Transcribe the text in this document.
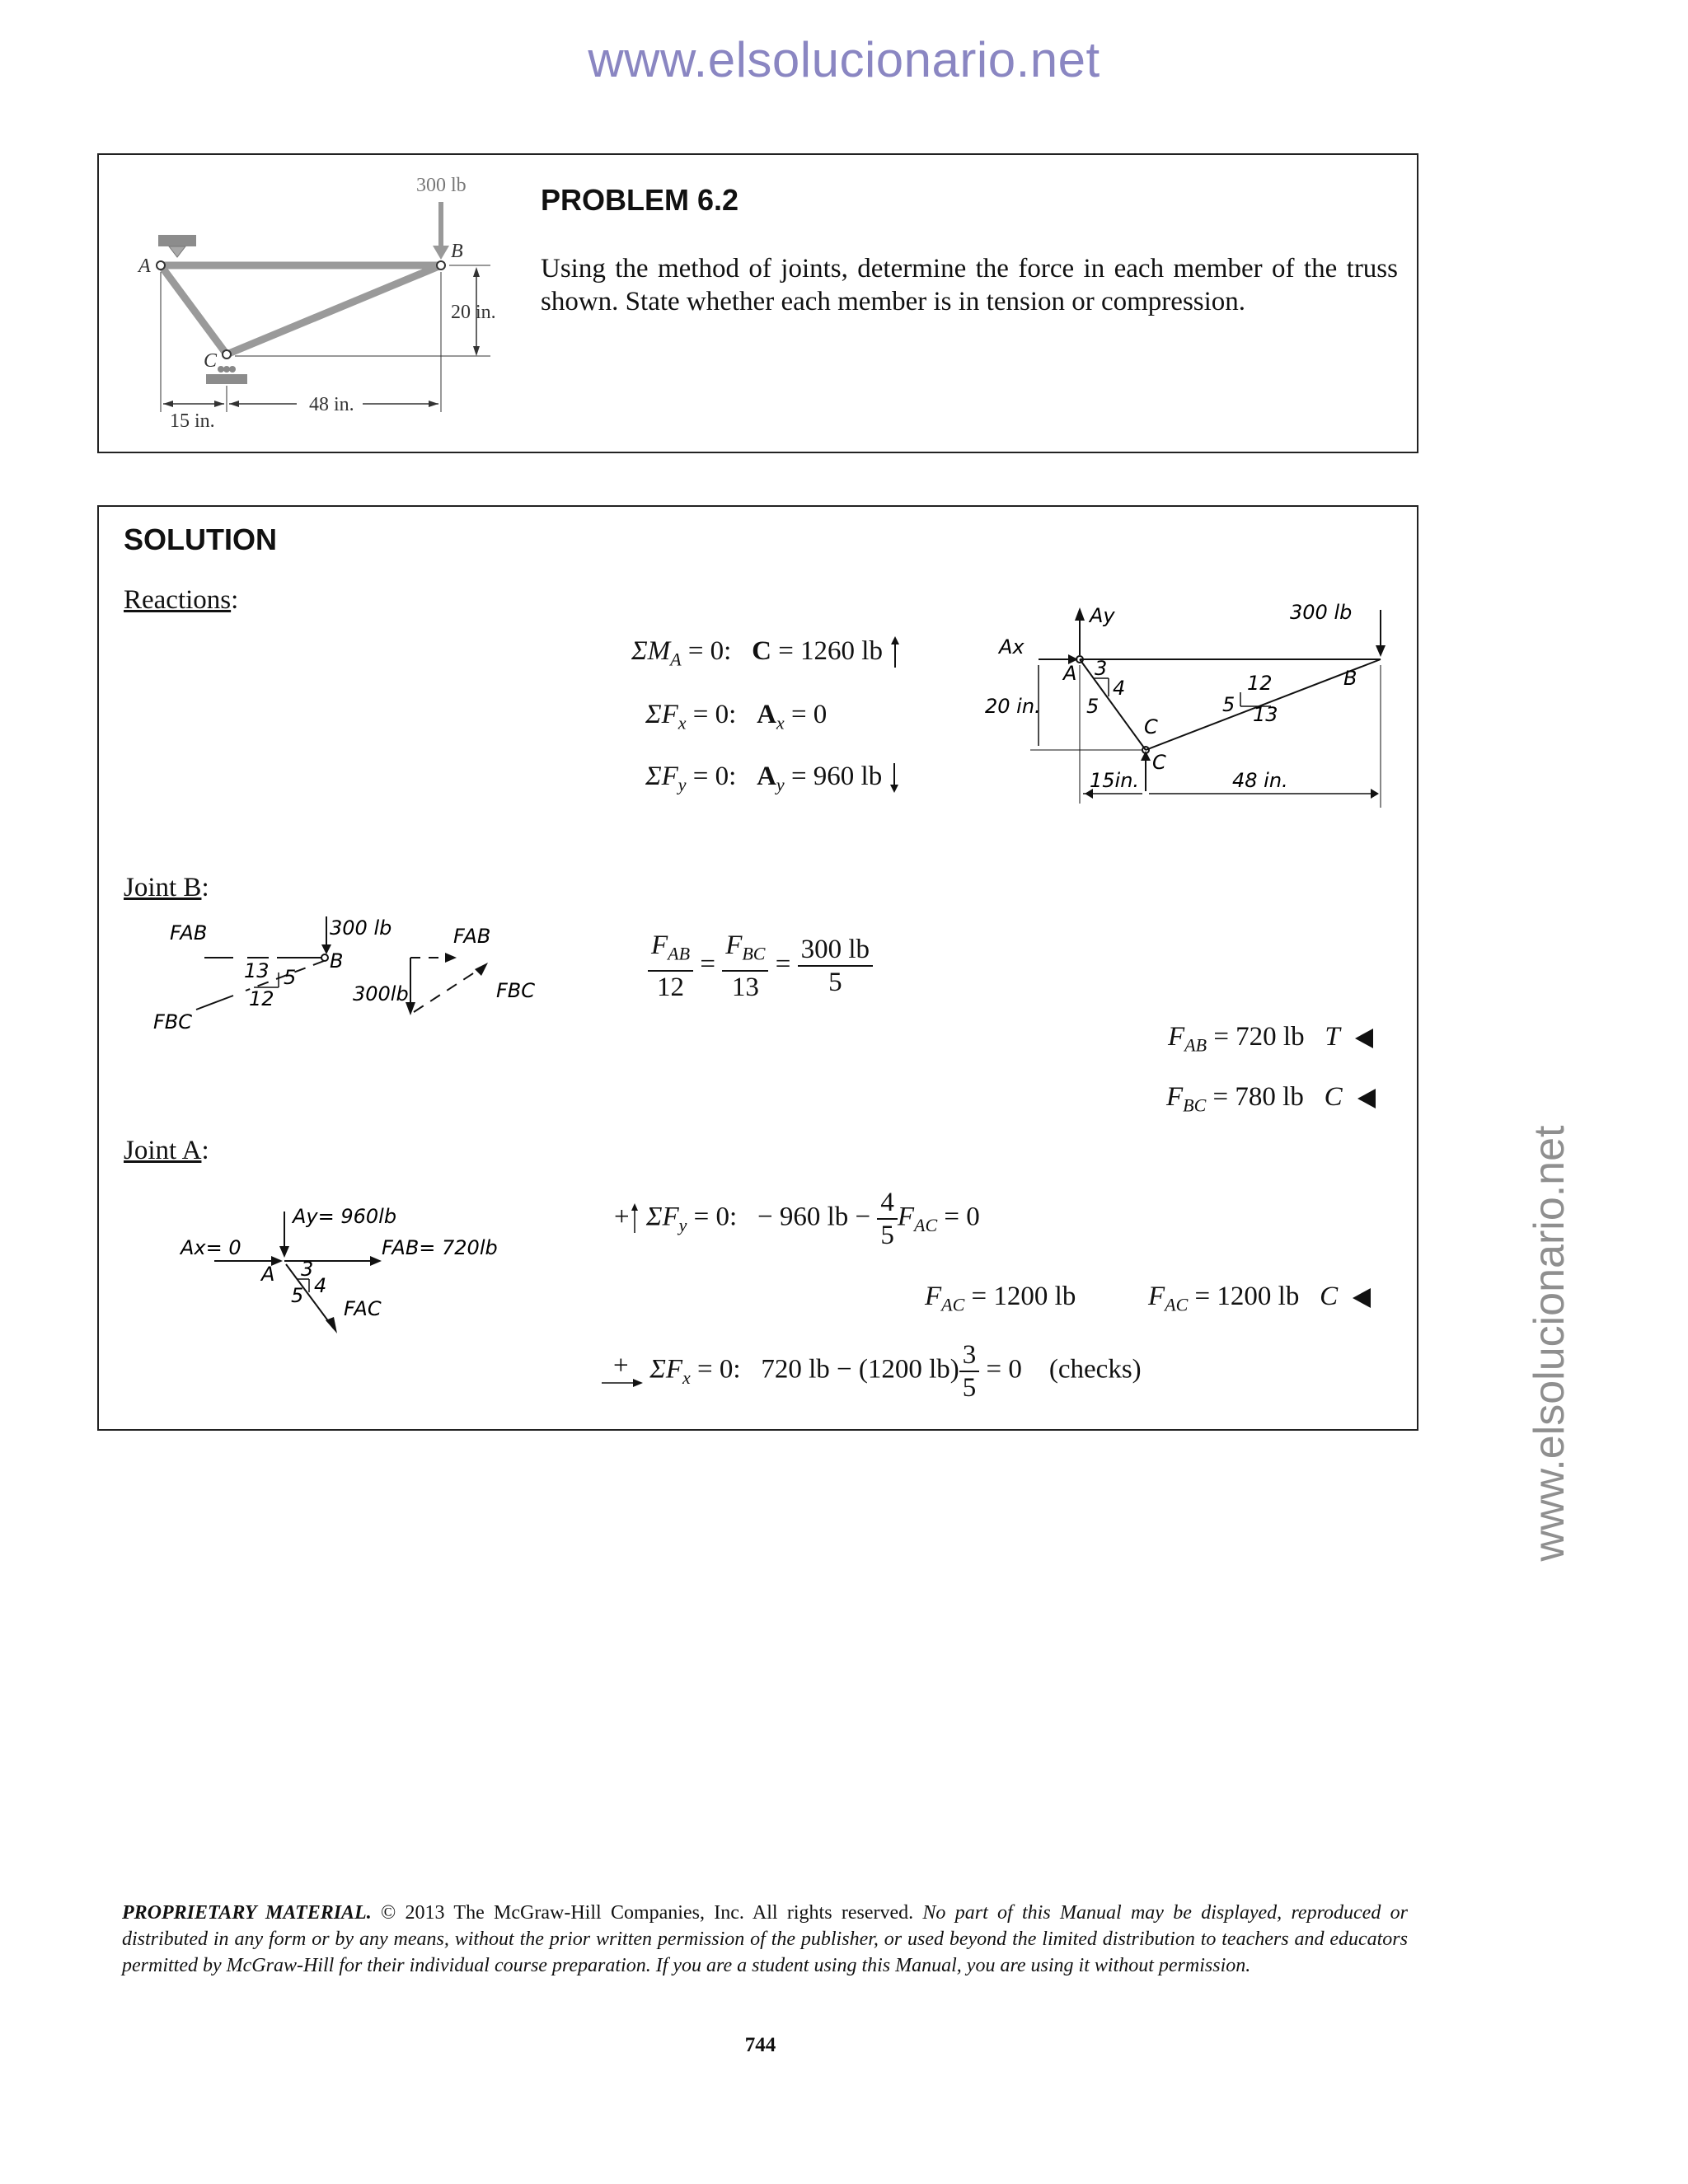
www.elsolucionario.net
www.elsolucionario.net
300 lb
A
B
C
20 in.
48 in.
15 in.
PROBLEM 6.2
Using the method of joints, determine the force in each member of the truss shown. State whether each member is in tension or compression.
SOLUTION
Reactions:
$\Sigma M_A = 0$: C = 1260 lb
$\Sigma F_x = 0$: $A_x = 0$
$\Sigma F_y = 0$: $A_y = 960$ lb
Ay
Ax
300 lb
A	B
C
C
3
4
5
12
5 13
20 in.
15in.	48 in.
Joint B:
FAB
FBC
300 lb
B
13 5
12	300lb
FAB
FBC	$\frac{F_{AB}}{12} = \frac{F_{BC}}{13} = \frac{300 lb}{5}$
$F_{AB} = 720$ lb T
$F_{BC} = 780$ lb C
Joint A:
Ay= 960lb
Ax= 0	FAB= 720lb
A 3
4
5
FAC
+ $\Sigma F_y = 0$: − 960 lb − $\frac{4}{5} F_{AC} = 0$
$F_{AC} = 1200$ lb	$F_{AC} = 1200$ lb C
+ $\Sigma F_x = 0$: 720 lb − (1200 $lb) \frac{3}{5} = 0$ (checks)
PROPRIETARY MATERIAL. © 2013 The McGraw-Hill Companies, Inc. All rights reserved. No part of this Manual may be displayed, reproduced or distributed in any form or by any means, without the prior written permission of the publisher, or used beyond the limited distribution to teachers and educators permitted by McGraw-Hill for their individual course preparation. If you are a student using this Manual, you are using it without permission.
744
